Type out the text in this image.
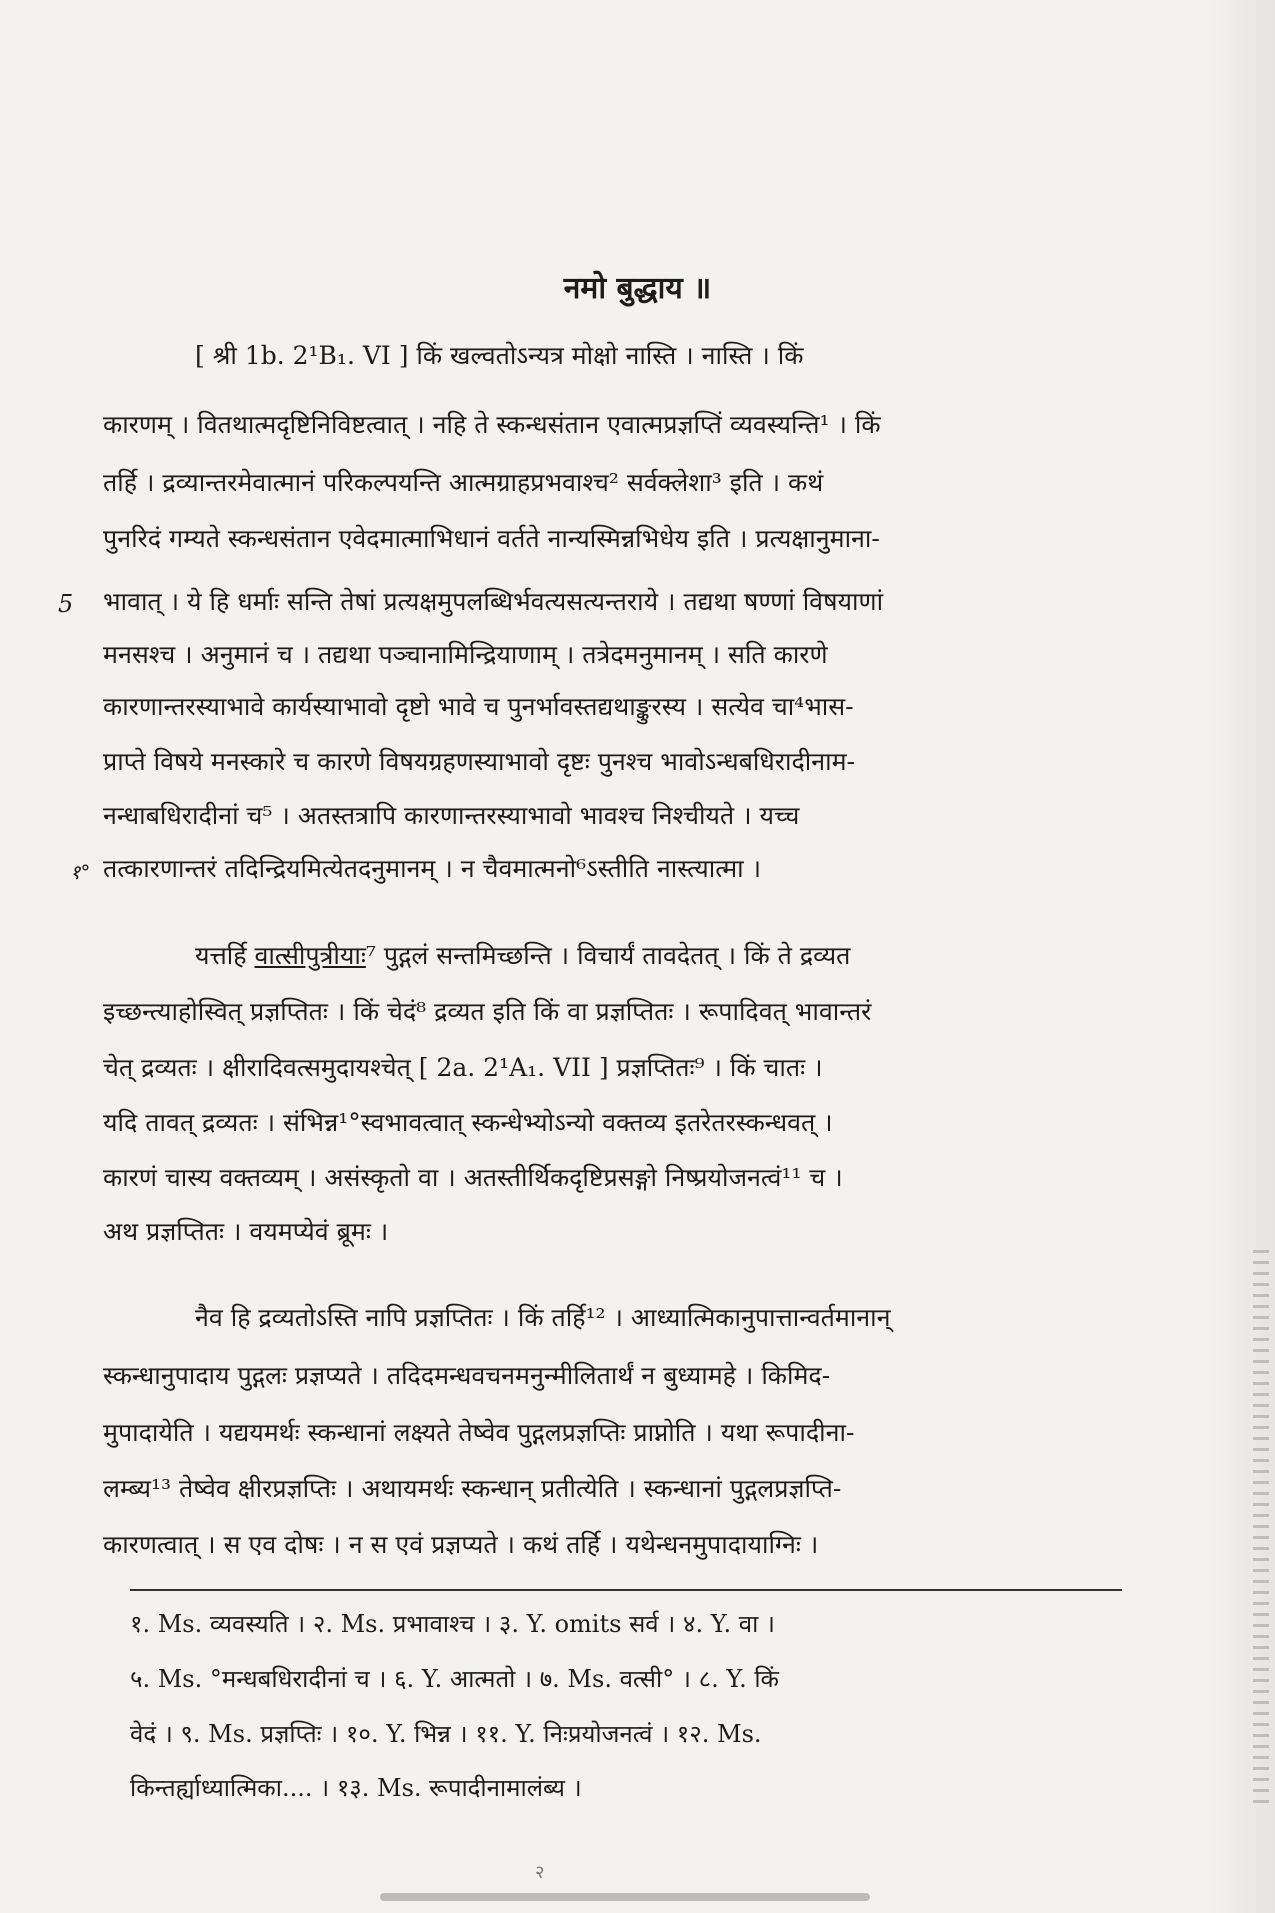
नमो बुद्धाय ॥
5
१°
[ श्री 1b. 2¹B₁. VI ] किं खल्वतोऽन्यत्र मोक्षो नास्ति । नास्ति । किं
कारणम् । वितथात्मदृष्टिनिविष्टत्वात् । नहि ते स्कन्धसंतान एवात्मप्रज्ञप्तिं व्यवस्यन्ति¹ । किं
तर्हि । द्रव्यान्तरमेवात्मानं परिकल्पयन्ति आत्मग्राहप्रभवाश्च² सर्वक्लेशा³ इति । कथं
पुनरिदं गम्यते स्कन्धसंतान एवेदमात्माभिधानं वर्तते नान्यस्मिन्नभिधेय इति । प्रत्यक्षानुमाना-
भावात् । ये हि धर्माः सन्ति तेषां प्रत्यक्षमुपलब्धिर्भवत्यसत्यन्तराये । तद्यथा षण्णां विषयाणां
मनसश्च । अनुमानं च । तद्यथा पञ्चानामिन्द्रियाणाम् । तत्रेदमनुमानम् । सति कारणे
कारणान्तरस्याभावे कार्यस्याभावो दृष्टो भावे च पुनर्भावस्तद्यथाङ्कुरस्य । सत्येव चा⁴भास-
प्राप्ते विषये मनस्कारे च कारणे विषयग्रहणस्याभावो दृष्टः पुनश्च भावोऽन्धबधिरादीनाम-
नन्धाबधिरादीनां च⁵ । अतस्तत्रापि कारणान्तरस्याभावो भावश्च निश्चीयते । यच्च
तत्कारणान्तरं तदिन्द्रियमित्येतदनुमानम् । न चैवमात्मनो⁶ऽस्तीति नास्त्यात्मा ।
यत्तर्हि वात्सीपुत्रीयाः⁷ पुद्गलं सन्तमिच्छन्ति । विचार्यं तावदेतत् । किं ते द्रव्यत
इच्छन्त्याहोस्वित् प्रज्ञप्तितः । किं चेदं⁸ द्रव्यत इति किं वा प्रज्ञप्तितः । रूपादिवत् भावान्तरं
चेत् द्रव्यतः । क्षीरादिवत्समुदायश्चेत् [ 2a. 2¹A₁. VII ] प्रज्ञप्तितः⁹ । किं चातः ।
यदि तावत् द्रव्यतः । संभिन्न¹°स्वभावत्वात् स्कन्धेभ्योऽन्यो वक्तव्य इतरेतरस्कन्धवत् ।
कारणं चास्य वक्तव्यम् । असंस्कृतो वा । अतस्तीर्थिकदृष्टिप्रसङ्गो निष्प्रयोजनत्वं¹¹ च ।
अथ प्रज्ञप्तितः । वयमप्येवं ब्रूमः ।
नैव हि द्रव्यतोऽस्ति नापि प्रज्ञप्तितः । किं तर्हि¹² । आध्यात्मिकानुपात्तान्वर्तमानान्
स्कन्धानुपादाय पुद्गलः प्रज्ञप्यते । तदिदमन्धवचनमनुन्मीलितार्थं न बुध्यामहे । किमिद-
मुपादायेति । यद्ययमर्थः स्कन्धानां लक्ष्यते तेष्वेव पुद्गलप्रज्ञप्तिः प्राप्नोति । यथा रूपादीना-
लम्ब्य¹³ तेष्वेव क्षीरप्रज्ञप्तिः । अथायमर्थः स्कन्धान् प्रतीत्येति । स्कन्धानां पुद्गलप्रज्ञप्ति-
कारणत्वात् । स एव दोषः । न स एवं प्रज्ञप्यते । कथं तर्हि । यथेन्धनमुपादायाग्निः ।
१. Ms. व्यवस्यति । २. Ms. प्रभावाश्च । ३. Y. omits सर्व । ४. Y. वा ।
५. Ms. °मन्धबधिरादीनां च । ६. Y. आत्मतो । ७. Ms. वत्सी° । ८. Y. किं
वेदं । ९. Ms. प्रज्ञप्तिः । १०. Y. भिन्न । ११. Y. निःप्रयोजनत्वं । १२. Ms.
किन्तर्ह्याध्यात्मिका.... । १३. Ms. रूपादीनामालंब्य ।
२
